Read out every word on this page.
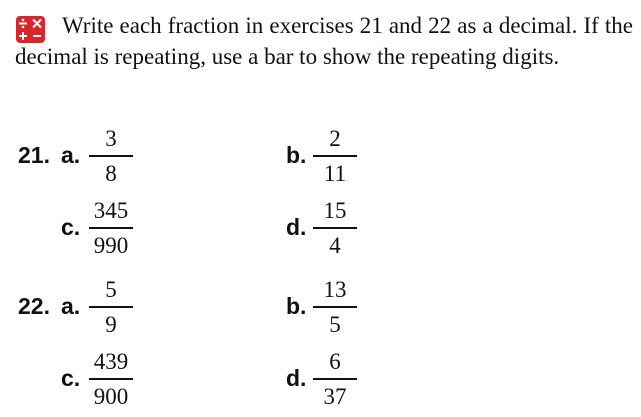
Write each fraction in exercises 21 and 22 as a decimal. If the decimal is repeating, use a bar to show the repeating digits.
21. a.
3
8
b.
2
11
c.
345
990
d.
15
4
22. a.
5
9
b.
13
5
c.
439
900
d.
6
37
